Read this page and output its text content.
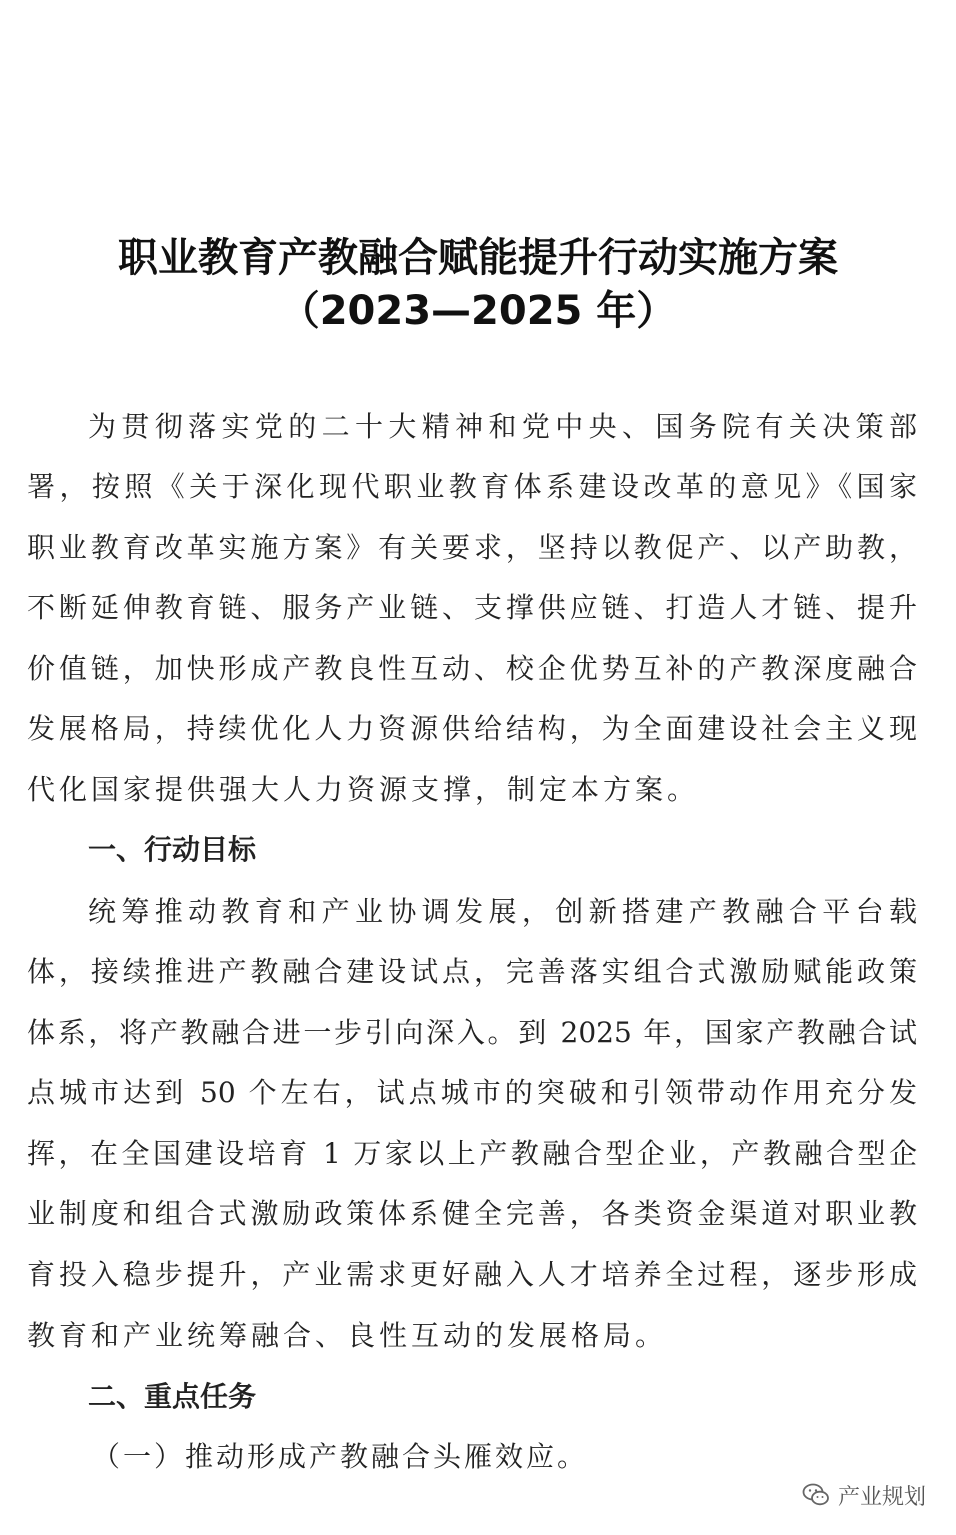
职业教育产教融合赋能提升行动实施方案
（2023—2025 年）
为贯彻落实党的二十大精神和党中央、国务院有关决策部
署，按照《关于深化现代职业教育体系建设改革的意见》《国家
职业教育改革实施方案》有关要求，坚持以教促产、以产助教，
不断延伸教育链、服务产业链、支撑供应链、打造人才链、提升
价值链，加快形成产教良性互动、校企优势互补的产教深度融合
发展格局，持续优化人力资源供给结构，为全面建设社会主义现
代化国家提供强大人力资源支撑，制定本方案。
一、行动目标
统筹推动教育和产业协调发展，创新搭建产教融合平台载
体，接续推进产教融合建设试点，完善落实组合式激励赋能政策
体系，将产教融合进一步引向深入。到 2025 年，国家产教融合试
点城市达到 50 个左右，试点城市的突破和引领带动作用充分发
挥，在全国建设培育 1 万家以上产教融合型企业，产教融合型企
业制度和组合式激励政策体系健全完善，各类资金渠道对职业教
育投入稳步提升，产业需求更好融入人才培养全过程，逐步形成
教育和产业统筹融合、良性互动的发展格局。
二、重点任务
（一）推动形成产教融合头雁效应。
产业规划
